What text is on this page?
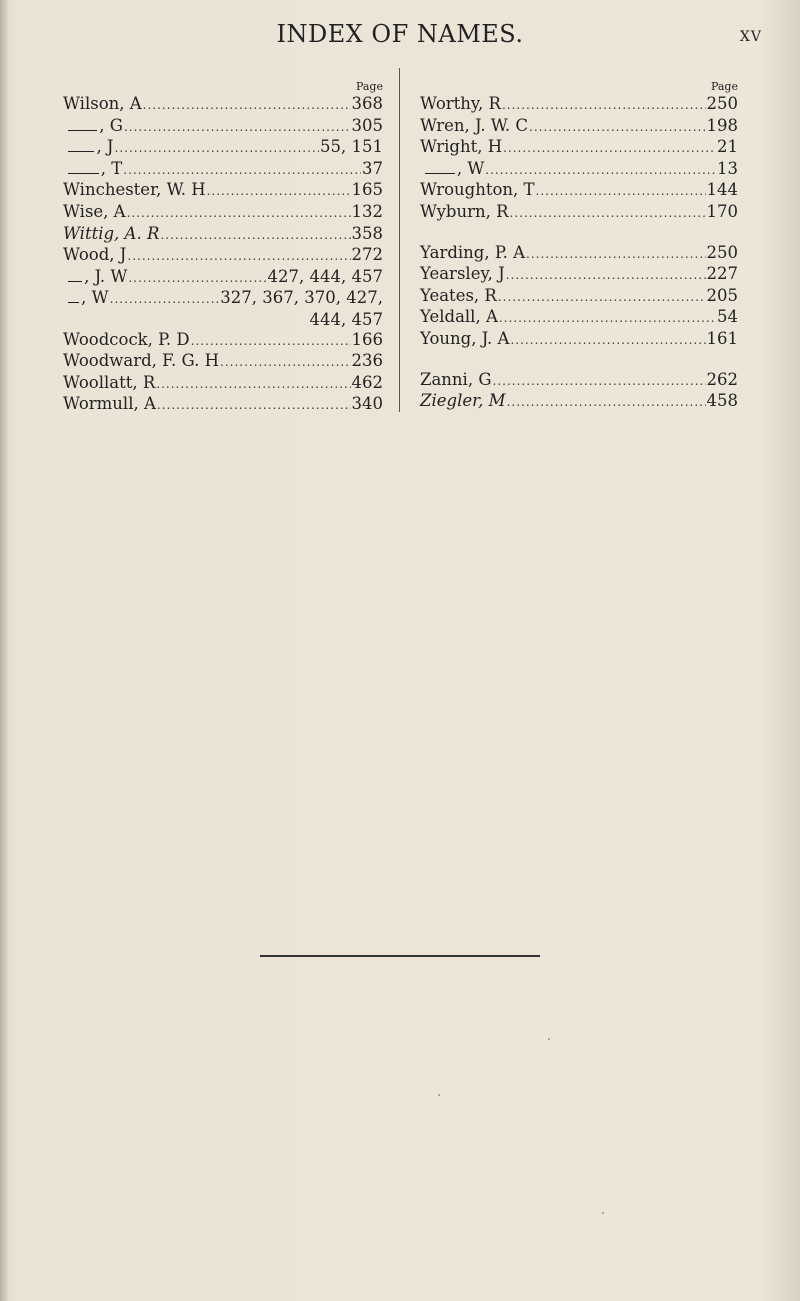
INDEX OF NAMES.	xv
Page
Wilson, A .....	368
, G .....	305
, J .....	55, 151
, T .....	37
Winchester, W. H .....	165
Wise, A .....	132
Wittig, A. R .....	358
Wood, J .....	272
, J. W .....	427, 444, 457
, W .....	327, 367, 370, 427,
444, 457
Woodcock, P. D .....	166
Woodward, F. G. H .....	236
Woollatt, R .....	462
Wormull, A .....	340
Page
Worthy, R .....	250
Wren, J. W. C .....	198
Wright, H .....	21
, W .....	13
Wroughton, T .....	144
Wyburn, R .....	170
Yarding, P. A .....	250
Yearsley, J .....	227
Yeates, R .....	205
Yeldall, A .....	54
Young, J. A .....	161
Zanni, G .....	262
Ziegler, M .....	458
